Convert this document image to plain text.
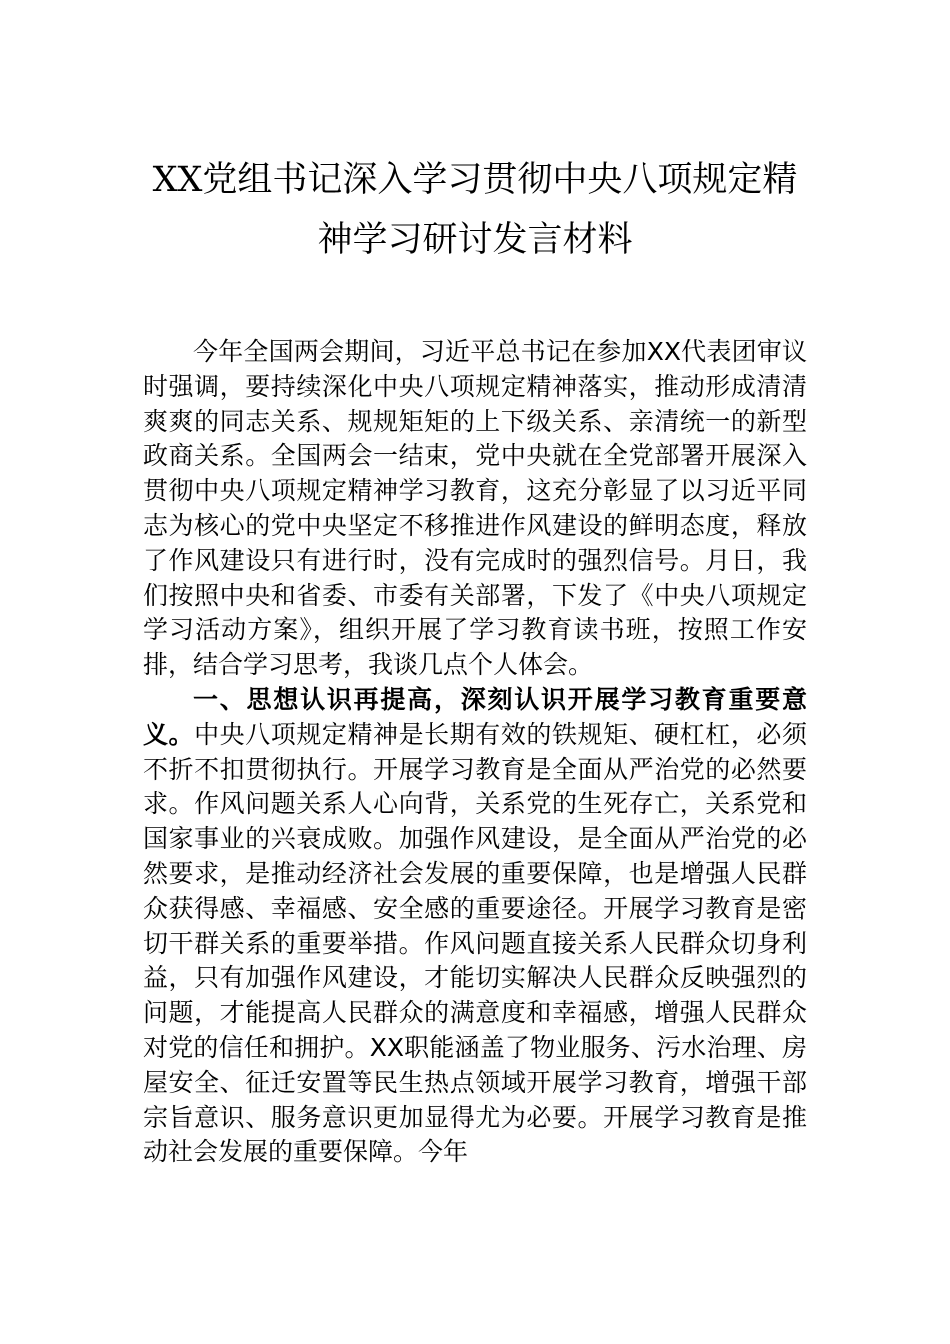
XX党组书记深入学习贯彻中央八项规定精
神学习研讨发言材料

今年全国两会期间，习近平总书记在参加XX代表团审议时强调，要持续深化中央八项规定精神落实，推动形成清清爽爽的同志关系、规规矩矩的上下级关系、亲清统一的新型政商关系。全国两会一结束，党中央就在全党部署开展深入贯彻中央八项规定精神学习教育，这充分彰显了以习近平同志为核心的党中央坚定不移推进作风建设的鲜明态度，释放了作风建设只有进行时，没有完成时的强烈信号。月日，我们按照中央和省委、市委有关部署，下发了《中央八项规定学习活动方案》，组织开展了学习教育读书班，按照工作安排，结合学习思考，我谈几点个人体会。

一、思想认识再提高，深刻认识开展学习教育重要意义。中央八项规定精神是长期有效的铁规矩、硬杠杠，必须不折不扣贯彻执行。开展学习教育是全面从严治党的必然要求。作风问题关系人心向背，关系党的生死存亡，关系党和国家事业的兴衰成败。加强作风建设，是全面从严治党的必然要求，是推动经济社会发展的重要保障，也是增强人民群众获得感、幸福感、安全感的重要途径。开展学习教育是密切干群关系的重要举措。作风问题直接关系人民群众切身利益，只有加强作风建设，才能切实解决人民群众反映强烈的问题，才能提高人民群众的满意度和幸福感，增强人民群众对党的信任和拥护。XX职能涵盖了物业服务、污水治理、房屋安全、征迁安置等民生热点领域开展学习教育，增强干部宗旨意识、服务意识更加显得尤为必要。开展学习教育是推动社会发展的重要保障。今年
